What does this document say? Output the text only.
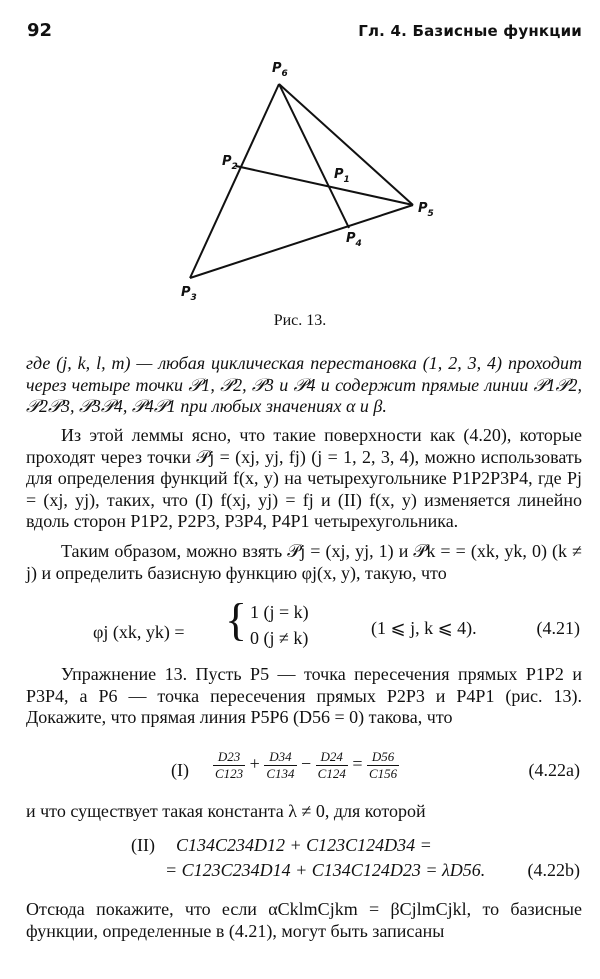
92	Гл. 4. Базисные функции
$P_6$
$P_2$	$P_1$
$P_5$
$P_4$
$P_3$
Рис. 13.
где (j, k, l, m) — любая циклическая перестановка (1, 2, 3, 4) проходит через четыре точки 𝒫1, 𝒫2, 𝒫3 и 𝒫4 и содержит прямые линии 𝒫1𝒫2, 𝒫2𝒫3, 𝒫3𝒫4, 𝒫4𝒫1 при любых значениях α и β.
Из этой леммы ясно, что такие поверхности как (4.20), которые проходят через точки 𝒫j = (xj, yj, fj) (j = 1, 2, 3, 4), можно использовать для определения функций f(x, y) на четырехугольнике P1P2P3P4, где Pj = (xj, yj), таких, что (I) f(xj, yj) = fj и (II) f(x, y) изменяется линейно вдоль сторон P1P2, P2P3, P3P4, P4P1 четырехугольника.
Таким образом, можно взять 𝒫j = (xj, yj, 1) и 𝒫k = = (xk, yk, 0) (k ≠ j) и определить базисную функцию φj(x, y), такую, что
φj (xk, yk) = { 1 (j = k)
0 (j ≠ k)	(1 ⩽ j, k ⩽ 4).	(4.21)
Упражнение 13. Пусть P5 — точка пересечения прямых P1P2 и P3P4, а P6 — точка пересечения прямых P2P3 и P4P1 (рис. 13). Докажите, что прямая линия P5P6 (D56 = 0) такова, что
$(I) \frac{D23}{C123} + \frac{D34}{C134} - \frac{D24}{C124} = \frac{D56}{C156}$	(4.22a)
и что существует такая константа λ ≠ 0, для которой
(II) C134C234D12 + C123C124D34 =
= C123C234D14 + C134C124D23 = λD56. (4.22b)
Отсюда покажите, что если αCklmCjkm = βCjlmCjkl, то базисные функции, определенные в (4.21), могут быть записаны
